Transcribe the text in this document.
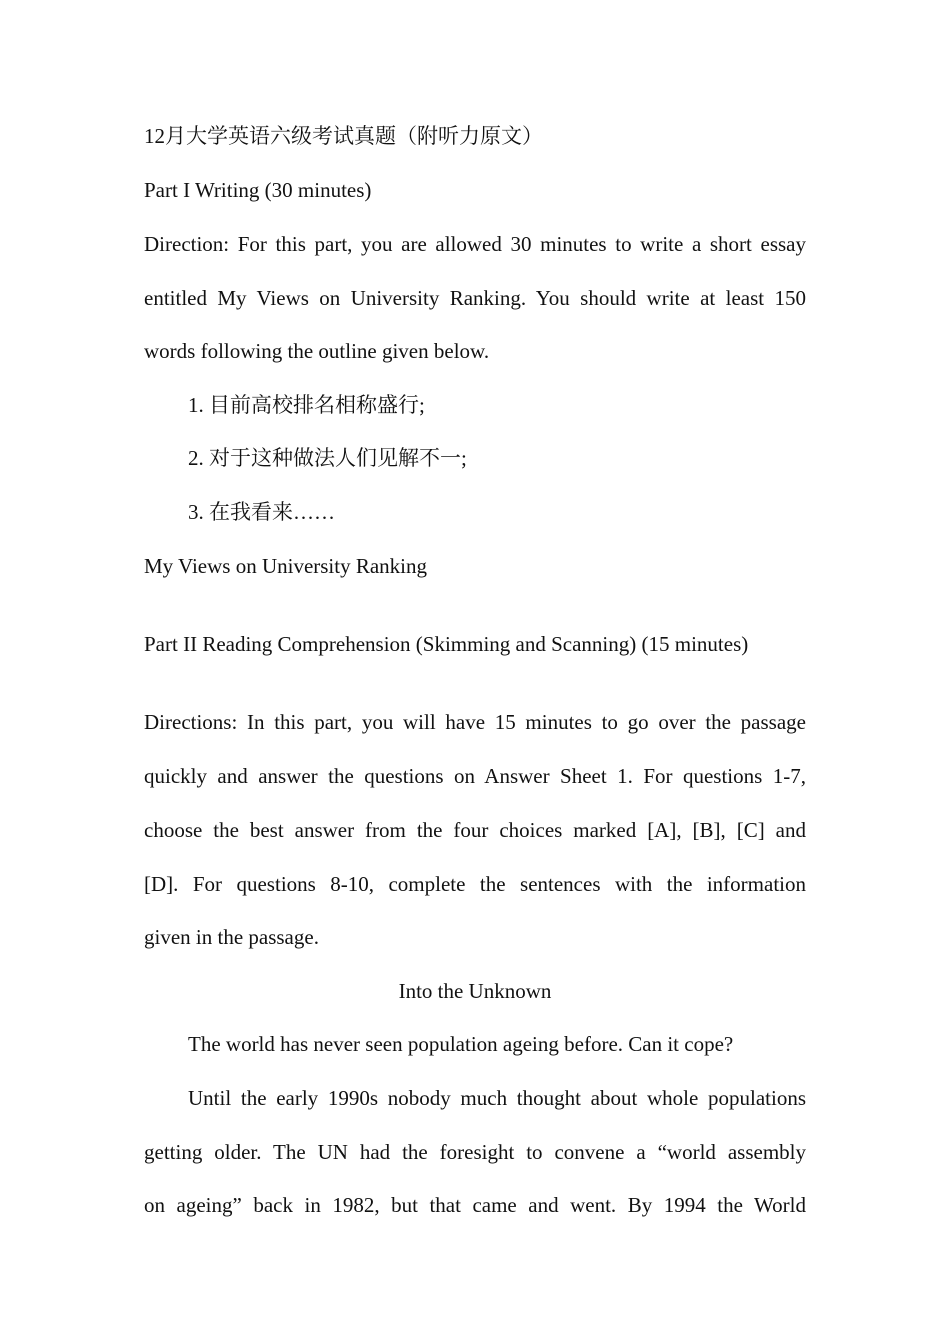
12月大学英语六级考试真题（附听力原文）
Part I Writing (30 minutes)
Direction: For this part, you are allowed 30 minutes to write a short essay
entitled My Views on University Ranking. You should write at least 150
words following the outline given below.
1. 目前高校排名相称盛行;
2. 对于这种做法人们见解不一;
3. 在我看来……
My Views on University Ranking
Part II Reading Comprehension (Skimming and Scanning) (15 minutes)
Directions: In this part, you will have 15 minutes to go over the passage
quickly and answer the questions on Answer Sheet 1. For questions 1-7,
choose the best answer from the four choices marked [A], [B], [C] and
[D]. For questions 8-10, complete the sentences with the information
given in the passage.
Into the Unknown
The world has never seen population ageing before. Can it cope?
Until the early 1990s nobody much thought about whole populations
getting older. The UN had the foresight to convene a “world assembly
on ageing” back in 1982, but that came and went. By 1994 the World
